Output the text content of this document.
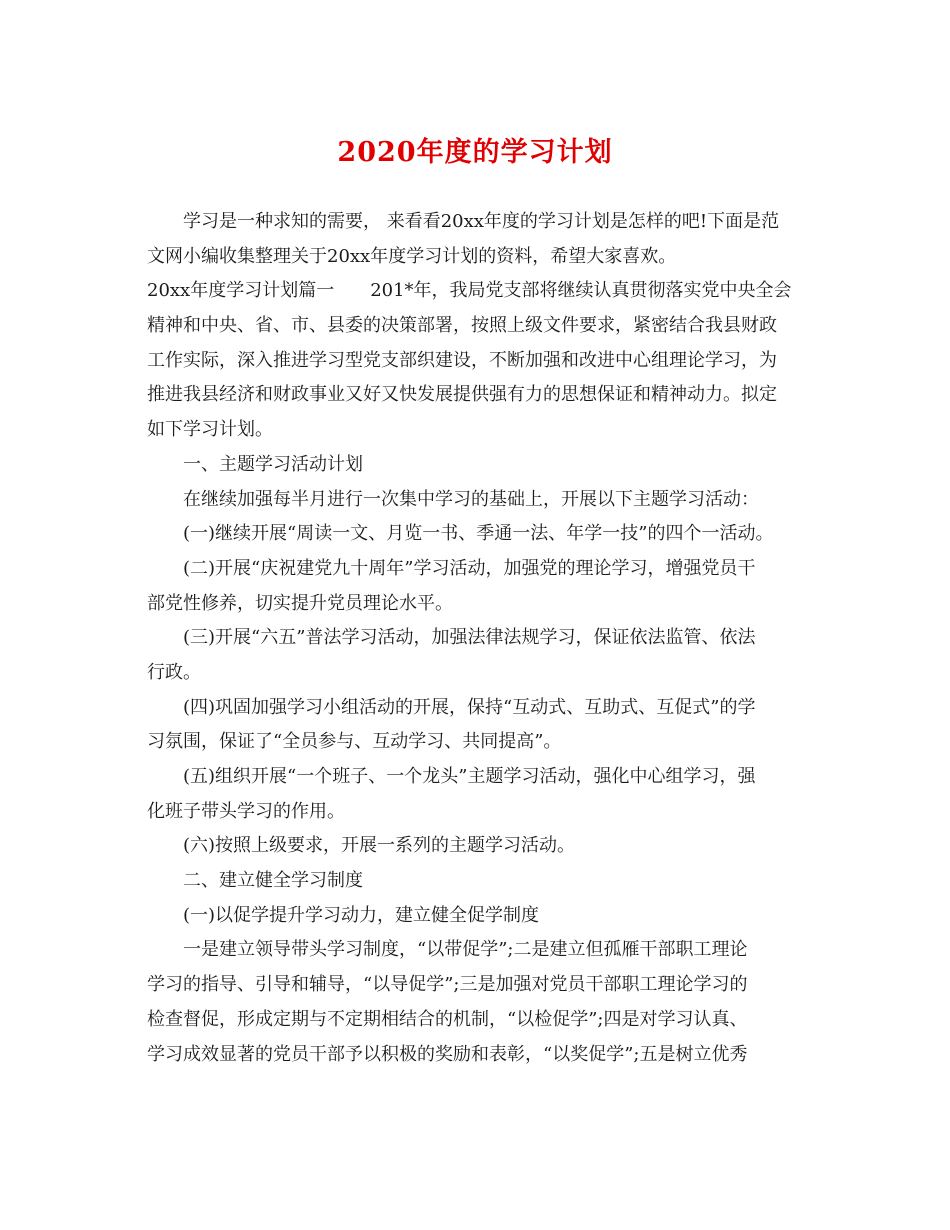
2020年度的学习计划
学习是一种求知的需要， 来看看20xx年度的学习计划是怎样的吧!下面是范
文网小编收集整理关于20xx年度学习计划的资料，希望大家喜欢。
20xx年度学习计划篇一　　201*年，我局党支部将继续认真贯彻落实党中央全会
精神和中央、省、市、县委的决策部署，按照上级文件要求，紧密结合我县财政
工作实际，深入推进学习型党支部织建设，不断加强和改进中心组理论学习，为
推进我县经济和财政事业又好又快发展提供强有力的思想保证和精神动力。拟定
如下学习计划。
一、主题学习活动计划
在继续加强每半月进行一次集中学习的基础上，开展以下主题学习活动：
(一)继续开展“周读一文、月览一书、季通一法、年学一技”的四个一活动。
(二)开展“庆祝建党九十周年”学习活动，加强党的理论学习，增强党员干
部党性修养，切实提升党员理论水平。
(三)开展“六五”普法学习活动，加强法律法规学习，保证依法监管、依法
行政。
(四)巩固加强学习小组活动的开展，保持“互动式、互助式、互促式”的学
习氛围，保证了“全员参与、互动学习、共同提高”。
(五)组织开展“一个班子、一个龙头”主题学习活动，强化中心组学习，强
化班子带头学习的作用。
(六)按照上级要求，开展一系列的主题学习活动。
二、建立健全学习制度
(一)以促学提升学习动力，建立健全促学制度
一是建立领导带头学习制度，“以带促学”;二是建立但孤雁干部职工理论
学习的指导、引导和辅导，“以导促学”;三是加强对党员干部职工理论学习的
检查督促，形成定期与不定期相结合的机制，“以检促学”;四是对学习认真、
学习成效显著的党员干部予以积极的奖励和表彰，“以奖促学”;五是树立优秀
